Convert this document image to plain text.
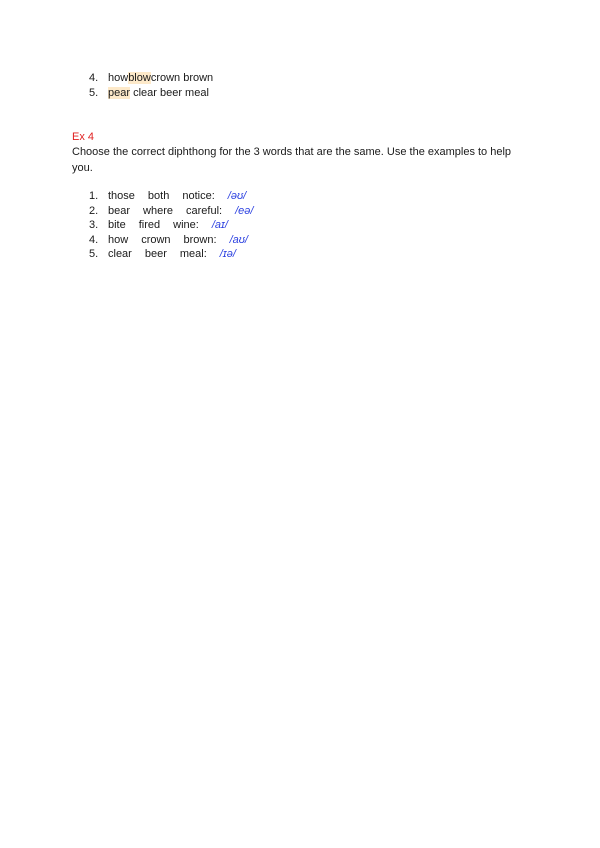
4. howblowcrown brown
5. pear clear beer meal
Ex 4
Choose the correct diphthong for the 3 words that are the same. Use the examples to help you.
1. those both notice: /əʊ/
2. bear where careful: /eə/
3. bite fired wine: /aɪ/
4. how crown brown: /aʊ/
5. clear beer meal: /ɪə/
